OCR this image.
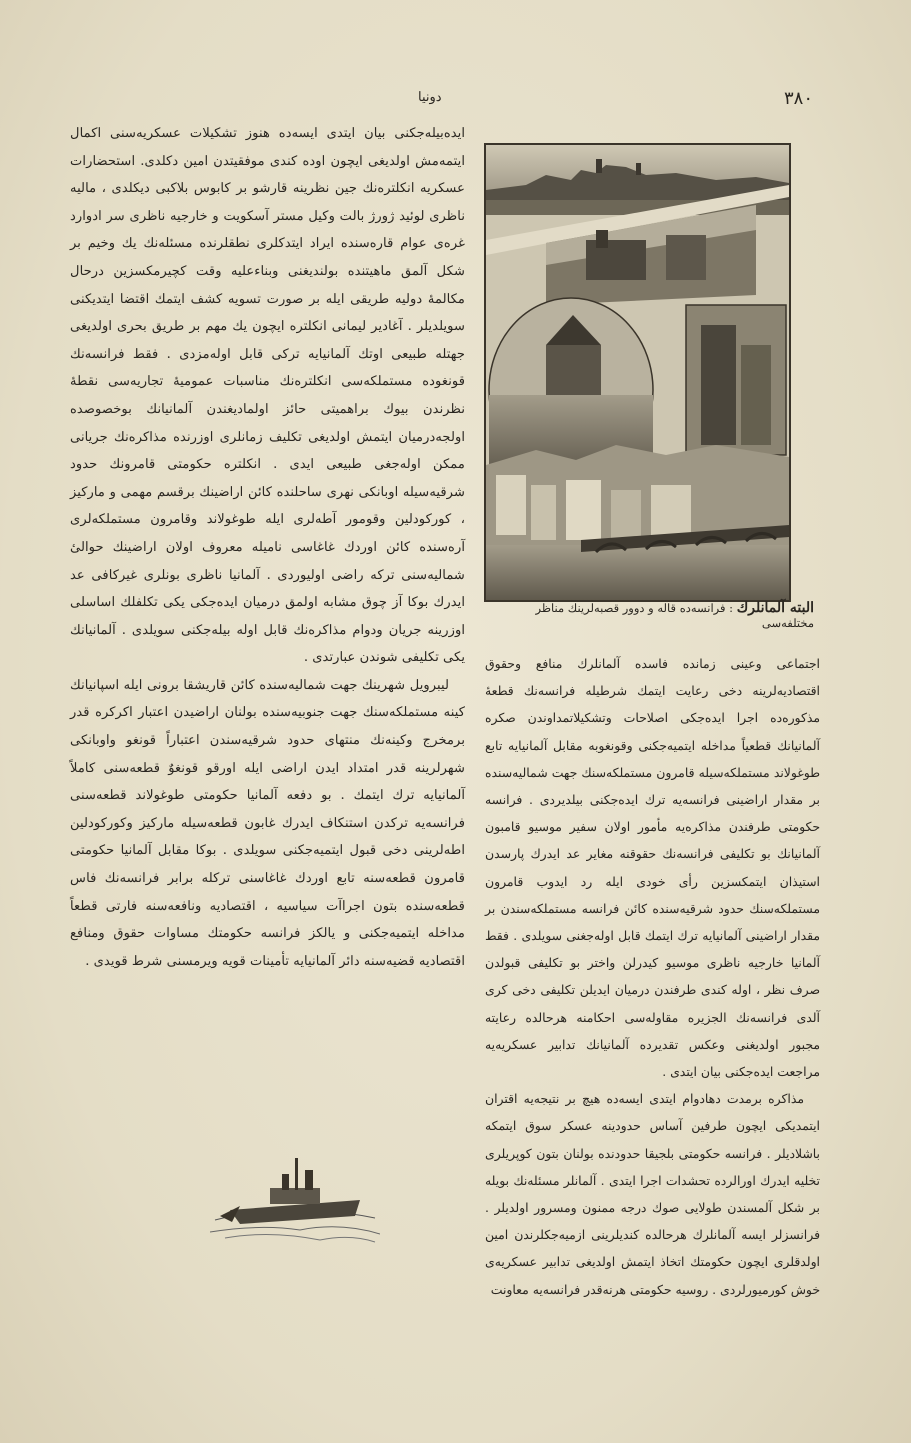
٣٨٠
دونیا

ایده‌بیله‌جکنی بیان ایتدی ایسه‌ده هنوز تشکیلات عسکریه‌سنی اکمال ایتمه‌مش اولدیغی ایچون اوده کندی موفقیتدن امین دکلدی. استحضارات عسکریه انکلتره‌نك جین نظرینه قارشو بر کابوس بلاکبی دیکلدی ، مالیه ناظری لوئید ژورژ بالت وکیل مستر آسکویت و خارجیه ناظری سر ادوارد غره‌ی عوام قاره‌سنده ایراد ایتدکلری نطقلرنده مسئله‌نك یك وخیم بر شکل آلمق ماهیتنده بولندیغنی وبناءعلیه وقت کچیرمکسزین درحال مکالمهٔ دولیه طریقی ایله بر صورت تسویه کشف ایتمك اقتضا ایتدیکنی سویلدیلر . آغادیر لیمانی انکلتره ایچون یك مهم بر طریق بحری اولدیغی جهتله طبیعی اوتك آلمانیایه ترکی قابل اوله‌مزدی . فقط فرانسه‌نك قونغوده مستملکه‌سی انکلتره‌نك مناسبات عمومیهٔ تجاریه‌سی نقطهٔ نظرندن بیوك براهمیتی حائز اولمادیغندن آلمانیانك بوخصوصده اولجه‌درمیان ایتمش اولدیغی تکلیف زمانلری اوزرنده مذاکره‌نك جریانی ممکن اوله‌جغی طبیعی ایدی . انکلتره حکومتی قامرونك حدود شرقیه‌سیله اوبانکی نهری ساحلنده کائن اراضینك برقسم مهمی و ماركیز ، کورکودلین وقومور آطه‌لری ایله طوغولاند وقامرون مستملکه‌لری آره‌سنده کائن اوردك غاغاسی نامیله معروف اولان اراضینك حوالیٔ شمالیه‌سنی ترکه راضی اولیوردی . آلمانیا ناظری بونلری غیرکافی عد ایدرك بوکا آز چوق مشابه اولمق درمیان ایده‌جکی یکی تکلفلك اساسلی اوزرینه جریان ودوام مذاکره‌نك قابل اوله بیله‌جکنی سویلدی . آلمانیانك یکی تکلیفی شوندن عبارتدی .

لیبرویل شهرینك جهت شمالیه‌سنده کائن قاریشقا برونی ایله اسپانیانك کینه مستملکه‌سنك جهت جنوبیه‌سنده بولنان اراضیدن اعتبار اکرکره قدر برمخرج وکینه‌نك منتهای حدود شرقیه‌سندن اعتباراً قونغو واوبانکی شهرلرینه قدر امتداد ایدن اراضی ایله اورقو قونغوٌ قطعه‌سنی کاملاً آلمانیایه ترك ایتمك . بو دفعه آلمانیا حکومتی طوغولاند قطعه‌سنی فرانسه‌یه ترکدن استنکاف ایدرك غابون قطعه‌سیله مارکیز وکورکودلین اطه‌لرینی دخی قبول ایتمیه‌جکنی سویلدی . بوکا مقابل آلمانیا حکومتی قامرون قطعه‌سنه تابع اوردك غاغاسنی ترکله برابر فرانسه‌نك فاس قطعه‌سنده بتون اجراآت سیاسیه ، اقتصادیه ونافعه‌سنه فارتی قطعاً مداخله ایتمیه‌جکنی و یالکز فرانسه حکومتك مساوات حقوق ومنافع اقتصادیه قضیه‌سنه دائر آلمانیایه تأمینات قویه ویرمسنی شرط قویدی .

البته آلمانلرك : فرانسه‌ده قاله و دوور قصبه‌لرینك مناظر مختلفه‌سی

اجتماعی وعینی زمانده فاسده آلمانلرك منافع وحقوق اقتصادیه‌لرینه دخی رعایت ایتمك شرطیله فرانسه‌نك قطعهٔ مذکوره‌ده اجرا ایده‌جکی اصلاحات وتشکیلاتمداوندن صکره آلمانیانك قطعیاً مداخله ایتمیه‌جکنی وقونغوبه مقابل آلمانیایه تابع طوغولاند مستملکه‌سیله قامرون مستملکه‌سنك جهت شمالیه‌سنده بر مقدار اراضینی فرانسه‌یه ترك ایده‌جکنی بیلدیردی . فرانسه حکومتی طرفندن مذاکره‌یه مأمور اولان سفیر موسیو قامبون آلمانیانك بو تکلیفی فرانسه‌نك حقوقنه مغایر عد ایدرك پارسدن استیذان ایتمکسزین رأی خودی ایله رد ایدوب قامرون مستملکه‌سنك حدود شرقیه‌سنده کائن فرانسه مستملکه‌سندن بر مقدار اراضینی آلمانیایه ترك ایتمك قابل اوله‌جغنی سویلدی . فقط آلمانیا خارجیه ناظری موسیو کیدرلن واختر بو تکلیفی قبولدن صرف نظر ، اوله کندی طرفندن درمیان ایدیلن تکلیفی دخی کری آلدی فرانسه‌نك الجزیره مقاوله‌سی احکامنه هرحالده رعایته مجبور اولدیغنی وعکس تقدیرده آلمانیانك تدابیر عسکریه‌یه مراجعت ایده‌جکنی بیان ایتدی .

مذاکره برمدت دهادوام ایتدی ایسه‌ده هیچ بر نتیجه‌یه اقتران ایتمدیکی ایچون طرفین آساس حدودینه عسکر سوق ایتمکه باشلادیلر . فرانسه حکومتی بلجیقا حدودنده بولنان بتون کوپریلری تخلیه ایدرك اورالرده تحشدات اجرا ایتدی . آلمانلر مسئله‌نك بویله بر شکل آلمسندن طولایی صوك درجه ممنون ومسرور اولدیلر . فرانسزلر ایسه آلمانلرك هرحالده کندیلرینی ازمیه‌جکلرندن امین اولدقلری ایچون حکومتك اتخاذ ایتمش اولدیغی تدابیر عسکریه‌ی خوش کورمیورلردی . روسیه حکومتی هرنه‌قدر فرانسه‌یه معاونت
